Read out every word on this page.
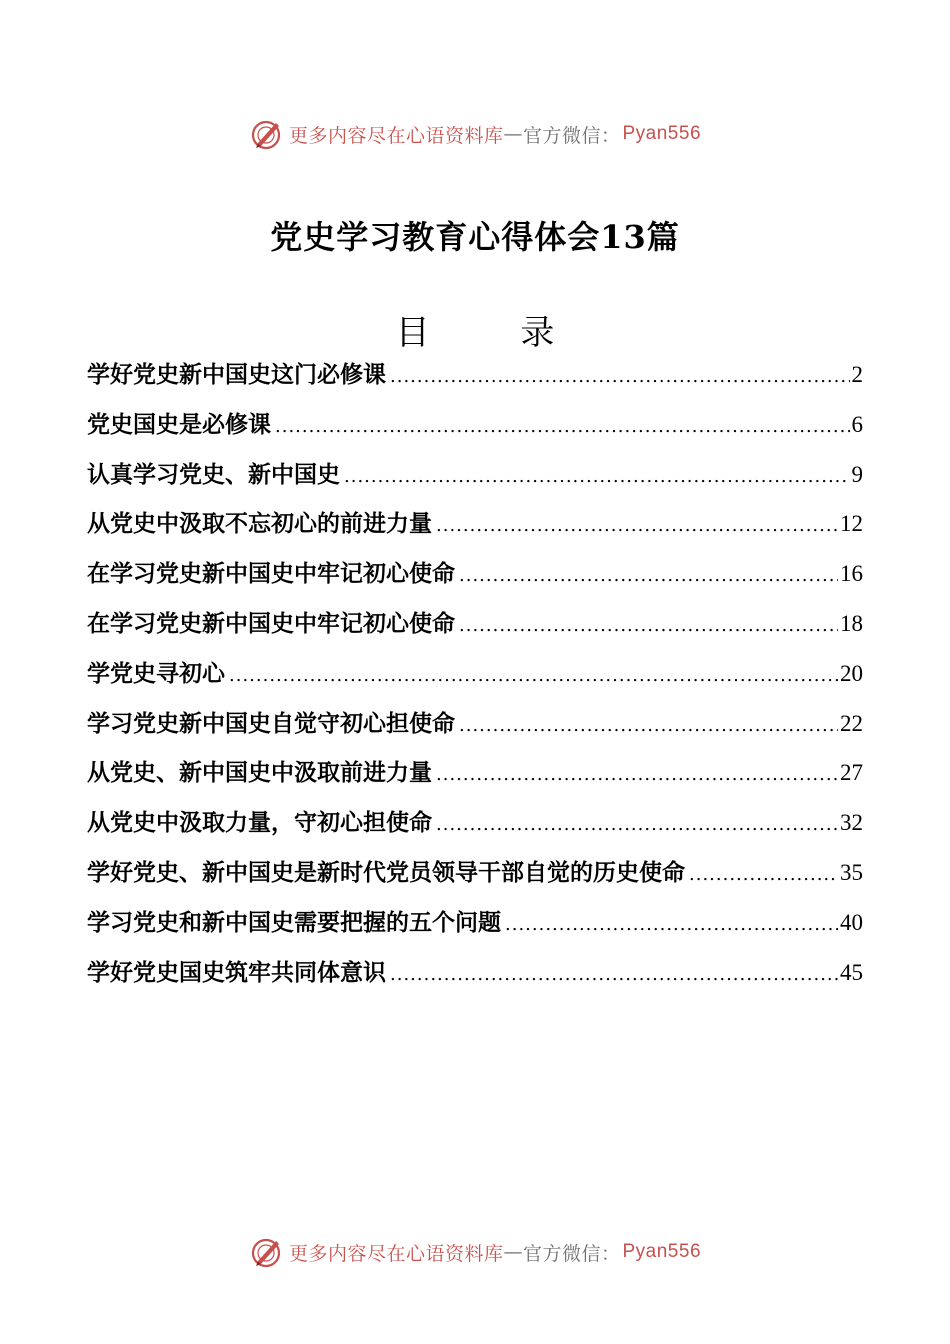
更多内容尽在心语资料库 — 官方微信： Pyan556
党史学习教育心得体会13篇
目 录
学好党史新中国史这门必修课 .....	2
党史国史是必修课 .....	6
认真学习党史、新中国史 .....	9
从党史中汲取不忘初心的前进力量 .....	12
在学习党史新中国史中牢记初心使命 .....	16
在学习党史新中国史中牢记初心使命 .....	18
学党史寻初心 .....	20
学习党史新中国史自觉守初心担使命 .....	22
从党史、新中国史中汲取前进力量 .....	27
从党史中汲取力量，守初心担使命 .....	32
学好党史、新中国史是新时代党员领导干部自觉的历史使命 .....	35
学习党史和新中国史需要把握的五个问题 .....	40
学好党史国史筑牢共同体意识 .....	45
更多内容尽在心语资料库 — 官方微信： Pyan556
